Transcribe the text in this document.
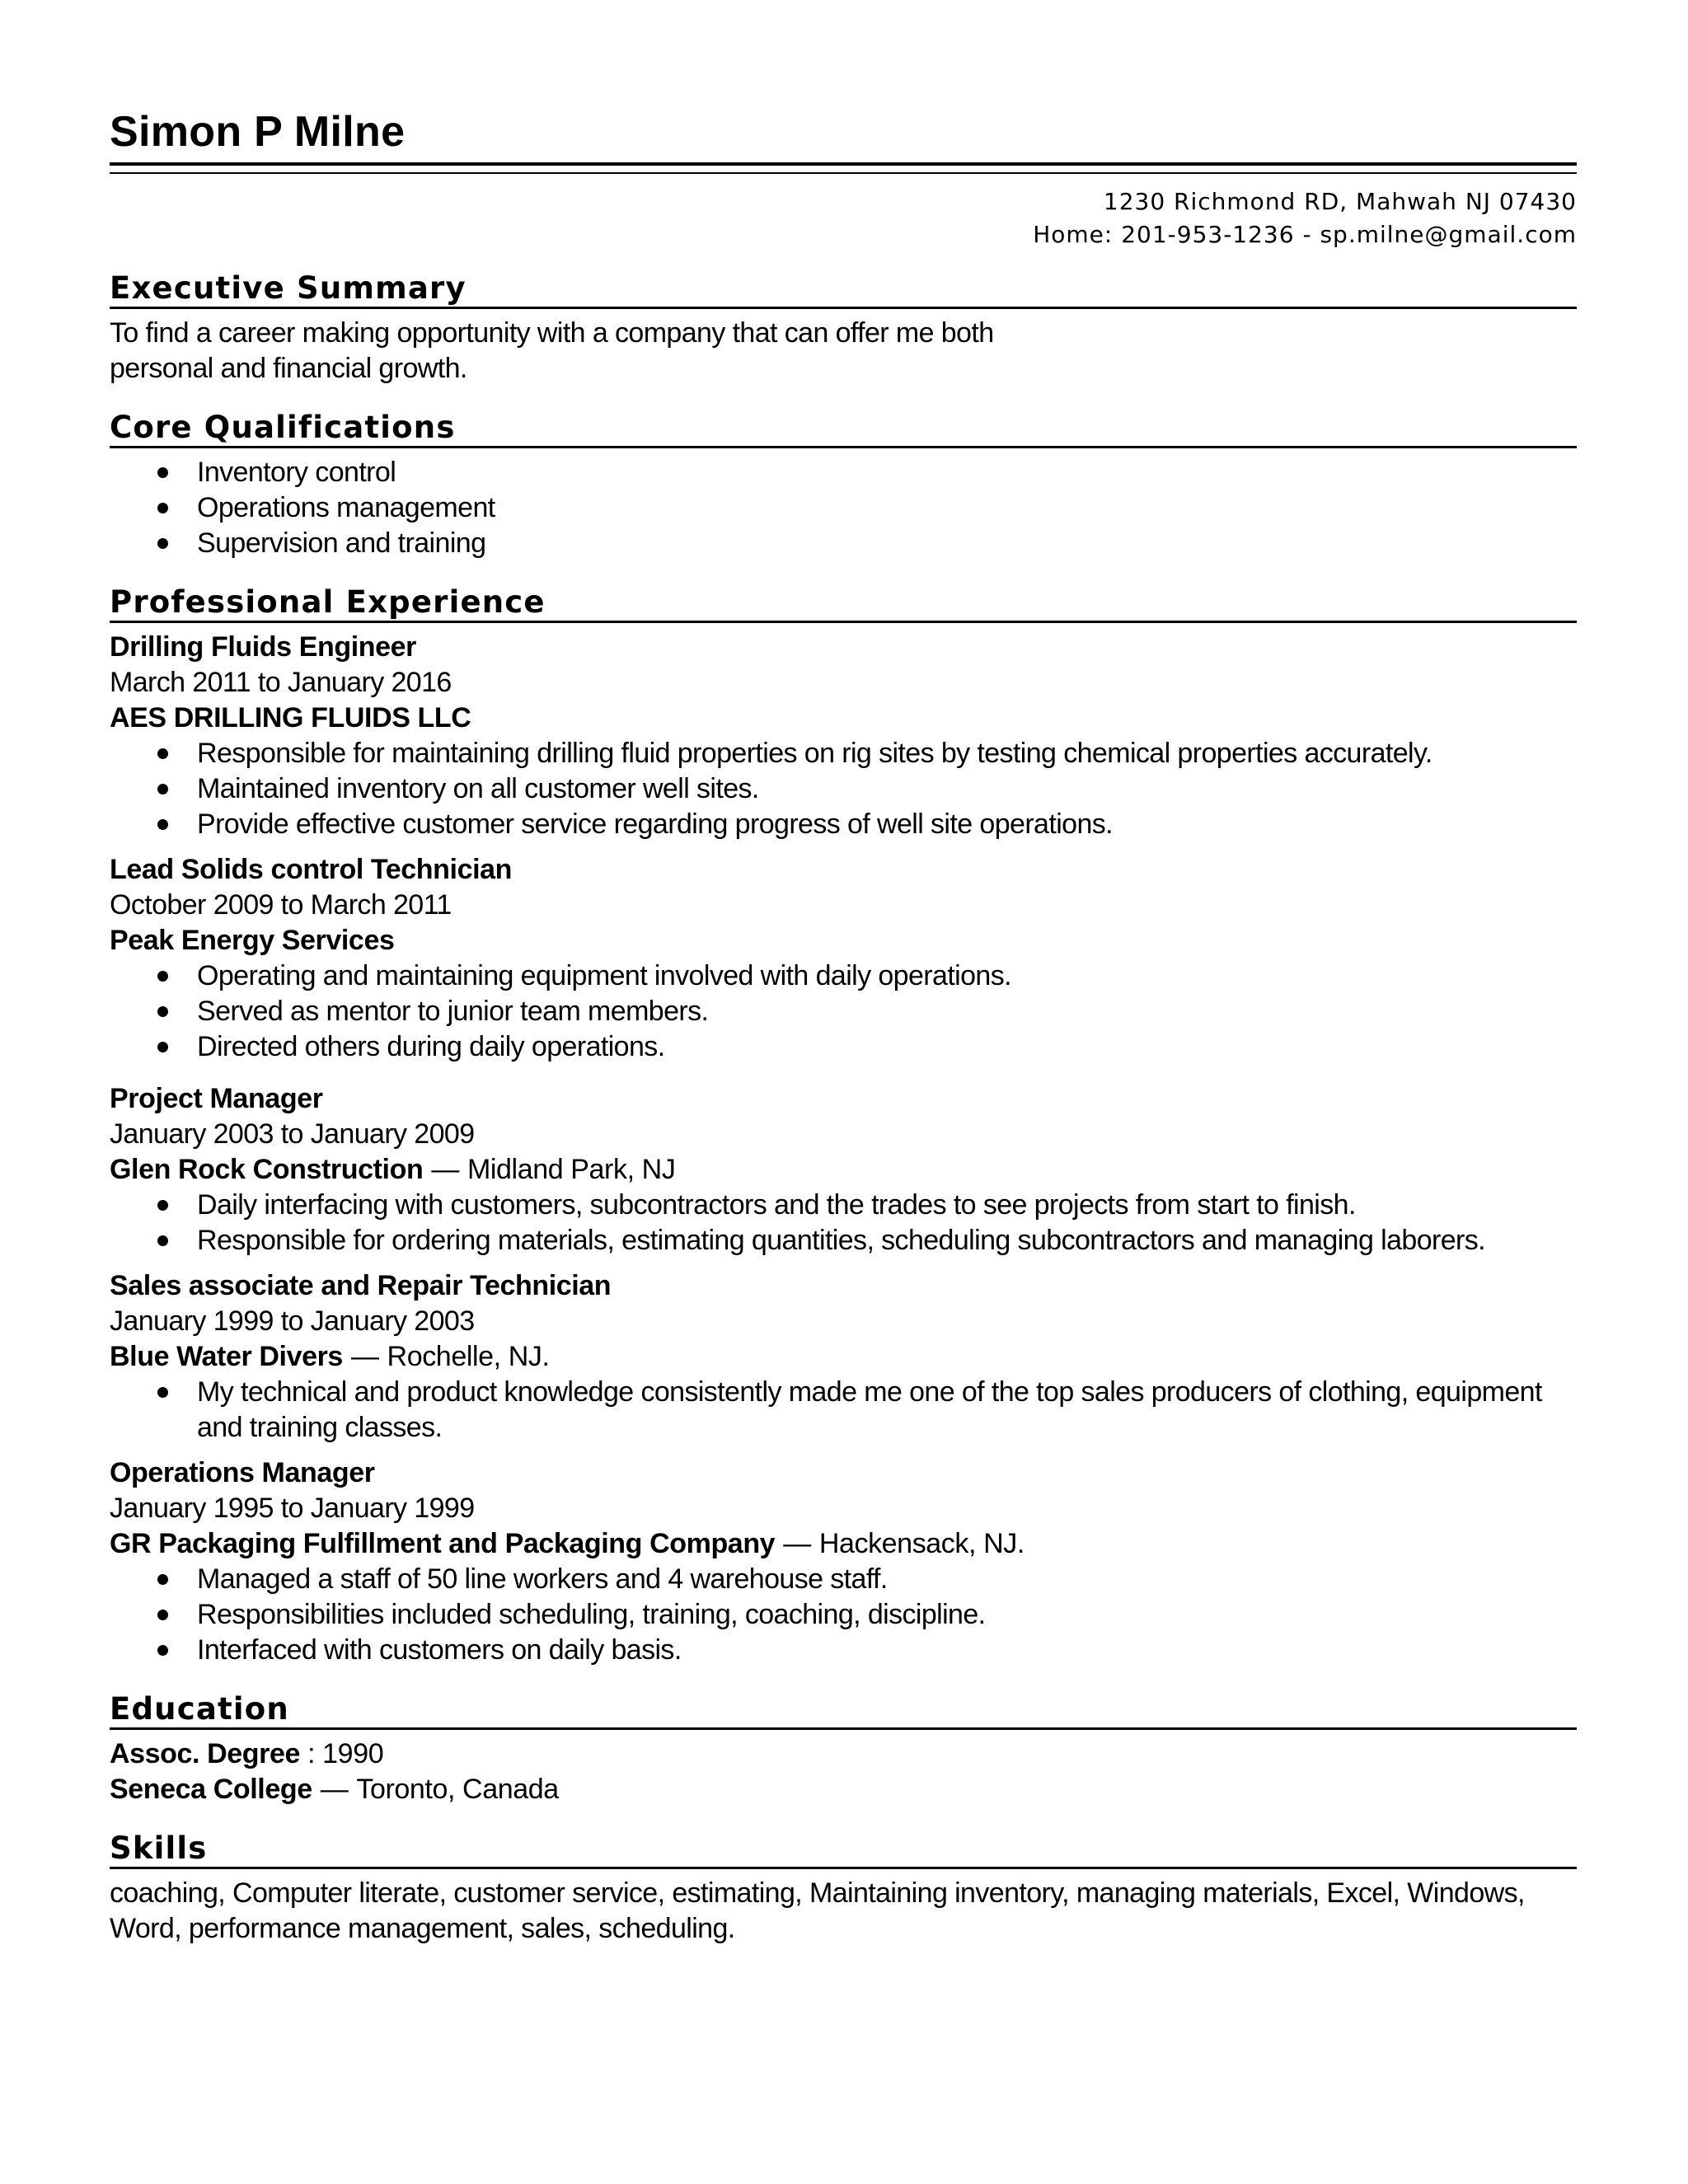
Simon P Milne
1230 Richmond RD, Mahwah NJ 07430
Home: 201-953-1236 - sp.milne@gmail.com
Executive Summary
To find a career making opportunity with a company that can offer me both personal and financial growth.
Core Qualifications
Inventory control
Operations management
Supervision and training
Professional Experience
Drilling Fluids Engineer
March 2011 to January 2016
AES DRILLING FLUIDS LLC
Responsible for maintaining drilling fluid properties on rig sites by testing chemical properties accurately.
Maintained inventory on all customer well sites.
Provide effective customer service regarding progress of well site operations.
Lead Solids control Technician
October 2009 to March 2011
Peak Energy Services
Operating and maintaining equipment involved with daily operations.
Served as mentor to junior team members.
Directed others during daily operations.
Project Manager
January 2003 to January 2009
Glen Rock Construction — Midland Park, NJ
Daily interfacing with customers, subcontractors and the trades to see projects from start to finish.
Responsible for ordering materials, estimating quantities, scheduling subcontractors and managing laborers.
Sales associate and Repair Technician
January 1999 to January 2003
Blue Water Divers — Rochelle, NJ.
My technical and product knowledge consistently made me one of the top sales producers of clothing, equipment and training classes.
Operations Manager
January 1995 to January 1999
GR Packaging Fulfillment and Packaging Company — Hackensack, NJ.
Managed a staff of 50 line workers and 4 warehouse staff.
Responsibilities included scheduling, training, coaching, discipline.
Interfaced with customers on daily basis.
Education
Assoc. Degree : 1990
Seneca College — Toronto, Canada
Skills
coaching, Computer literate, customer service, estimating, Maintaining inventory, managing materials, Excel, Windows, Word, performance management, sales, scheduling.
